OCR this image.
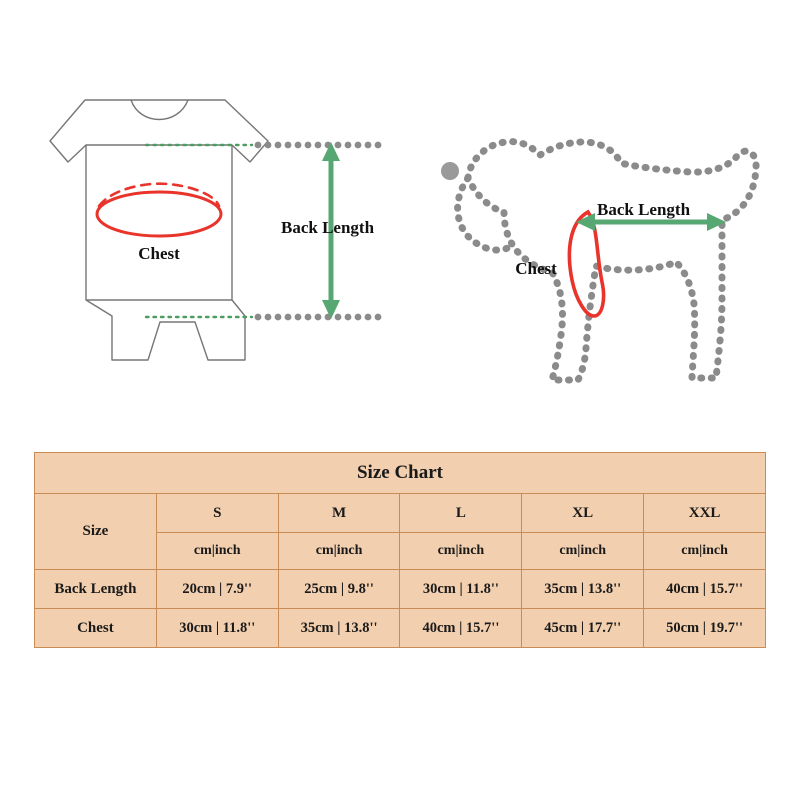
Chest
Back Length
Chest
Back Length
Size Chart					
Size	S	M	L	XL	XXL
	cm|inch	cm|inch	cm|inch	cm|inch	cm|inch
Back Length	20cm | 7.9''	25cm | 9.8''	30cm | 11.8''	35cm | 13.8''	40cm | 15.7''
Chest	30cm | 11.8''	35cm | 13.8''	40cm | 15.7''	45cm | 17.7''	50cm | 19.7''
